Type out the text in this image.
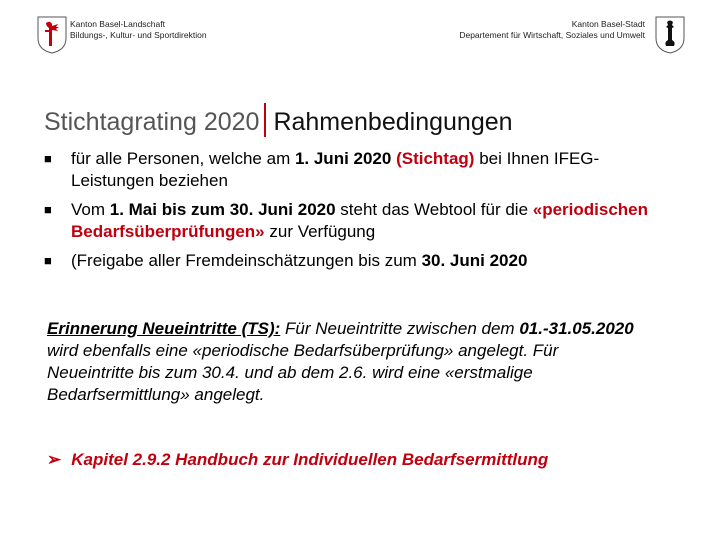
Kanton Basel-Landschaft
Bildungs-, Kultur- und Sportdirektion
Kanton Basel-Stadt
Departement für Wirtschaft, Soziales und Umwelt
Stichtagrating 2020 Rahmenbedingungen
■ für alle Personen, welche am 1. Juni 2020 (Stichtag) bei Ihnen IFEG- Leistungen beziehen
■ Vom 1. Mai bis zum 30. Juni 2020 steht das Webtool für die «periodischen Bedarfsüberprüfungen» zur Verfügung
■ (Freigabe aller Fremdeinschätzungen bis zum 30. Juni 2020

Erinnerung Neueintritte (TS): Für Neueintritte zwischen dem 01.-31.05.2020 wird ebenfalls eine «periodische Bedarfsüberprüfung» angelegt. Für Neueintritte bis zum 30.4. und ab dem 2.6. wird eine «erstmalige Bedarfsermittlung» angelegt.

➢ Kapitel 2.9.2 Handbuch zur Individuellen Bedarfsermittlung
